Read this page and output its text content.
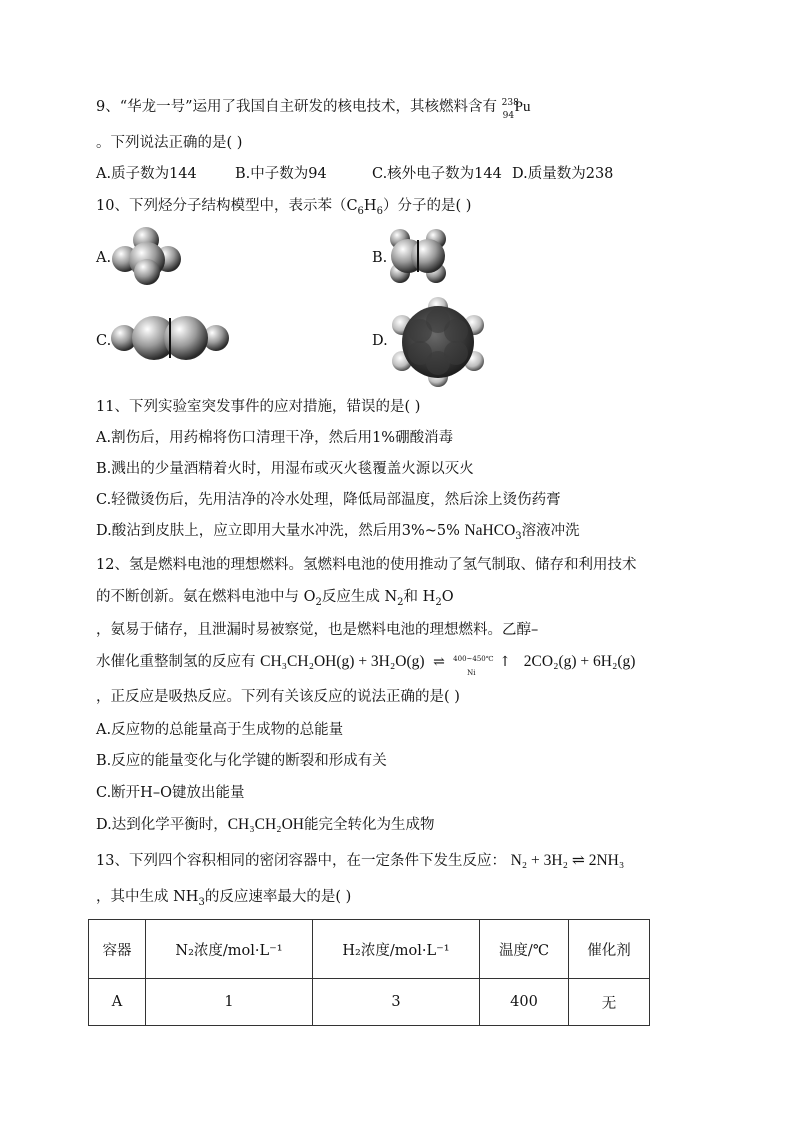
9、“华龙一号”运用了我国自主研发的核电技术，其核燃料含有 238
94
Pu
。下列说法正确的是( )
A.质子数为144	B.中子数为94	C.核外电子数为144 D.质量数为238
10、下列烃分子结构模型中，表示苯$(C_6H_6)$分子的是( )
A.	B.
C.	D.
11、下列实验室突发事件的应对措施，错误的是( )
A.割伤后，用药棉将伤口清理干净，然后用1%硼酸消毒
B.溅出的少量酒精着火时，用湿布或灭火毯覆盖火源以灭火
C.轻微烫伤后，先用洁净的冷水处理，降低局部温度，然后涂上烫伤药膏
D.酸沾到皮肤上，应立即用大量水冲洗，然后用3%~5% NaHCO$_3$溶液冲洗
12、氢是燃料电池的理想燃料。氢燃料电池的使用推动了氢气制取、储存和利用技术
的不断创新。氨在燃料电池中与 $O_2$反应生成 $N_2$和 $H_2O$
，氨易于储存，且泄漏时易被察觉，也是燃料电池的理想燃料。乙醇–
水催化重整制氢的反应有 CH₃CH₂OH(g) + 3H₂O(g) ⇌ 400~450℃
Ni
↑ 2CO₂(g) + 6H₂(g)
，正反应是吸热反应。下列有关该反应的说法正确的是( )
A.反应物的总能量高于生成物的总能量
B.反应的能量变化与化学键的断裂和形成有关
C.断开H–O键放出能量
D.达到化学平衡时，CH₃CH₂OH能完全转化为生成物
13、下列四个容积相同的密闭容器中，在一定条件下发生反应： N₂ + 3H₂ ⇌ 2NH₃
，其中生成 $NH_3$的反应速率最大的是( )
容器	N₂浓度/mol·L⁻¹	H₂浓度/mol·L⁻¹	温度/℃	催化剂
A	1	3	400	无
